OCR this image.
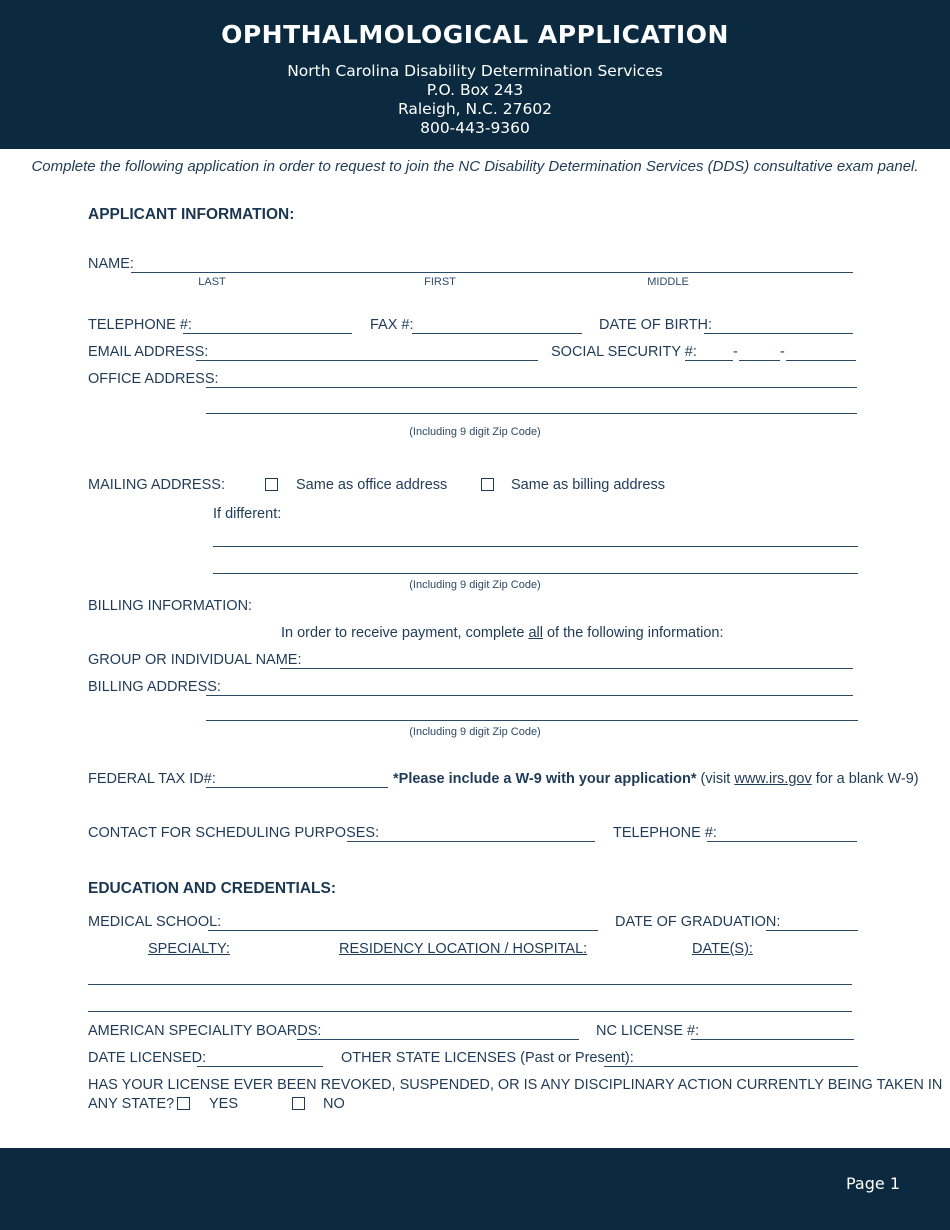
OPHTHALMOLOGICAL APPLICATION
North Carolina Disability Determination Services
P.O. Box 243
Raleigh, N.C. 27602
800-443-9360
Complete the following application in order to request to join the NC Disability Determination Services (DDS) consultative exam panel.
APPLICANT INFORMATION:
NAME:
LAST	FIRST	MIDDLE
TELEPHONE #:	FAX #:	DATE OF BIRTH:
EMAIL ADDRESS:	SOCIAL SECURITY #: -	-
OFFICE ADDRESS:
(Including 9 digit Zip Code)
MAILING ADDRESS:	Same as office address	Same as billing address
If different:
(Including 9 digit Zip Code)
BILLING INFORMATION:
In order to receive payment, complete all of the following information:
GROUP OR INDIVIDUAL NAME:
BILLING ADDRESS:
(Including 9 digit Zip Code)
FEDERAL TAX ID#:	*Please include a W-9 with your application* (visit www.irs.gov for a blank W-9)
CONTACT FOR SCHEDULING PURPOSES:	TELEPHONE #:
EDUCATION AND CREDENTIALS:
MEDICAL SCHOOL:	DATE OF GRADUATION:
SPECIALTY:	RESIDENCY LOCATION / HOSPITAL:	DATE(S):
AMERICAN SPECIALITY BOARDS:	NC LICENSE #:
DATE LICENSED:	OTHER STATE LICENSES (Past or Present):
HAS YOUR LICENSE EVER BEEN REVOKED, SUSPENDED, OR IS ANY DISCIPLINARY ACTION CURRENTLY BEING TAKEN IN
ANY STATE? YES	NO
Page 1
